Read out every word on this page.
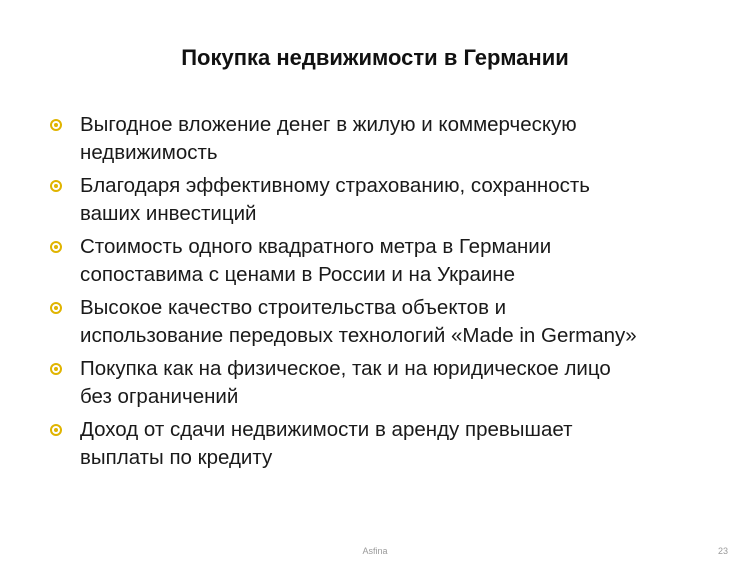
Покупка недвижимости в Германии
Выгодное вложение денег в жилую и коммерческую
недвижимость
Благодаря эффективному страхованию, сохранность
ваших инвестиций
Стоимость одного квадратного метра в Германии
сопоставима с ценами в России и на Украине
Высокое качество строительства объектов и
использование передовых технологий «Made in Germany»
Покупка как на физическое, так и на юридическое лицо
без ограничений
Доход от сдачи недвижимости в аренду превышает
выплаты по кредиту
Asfina	23
